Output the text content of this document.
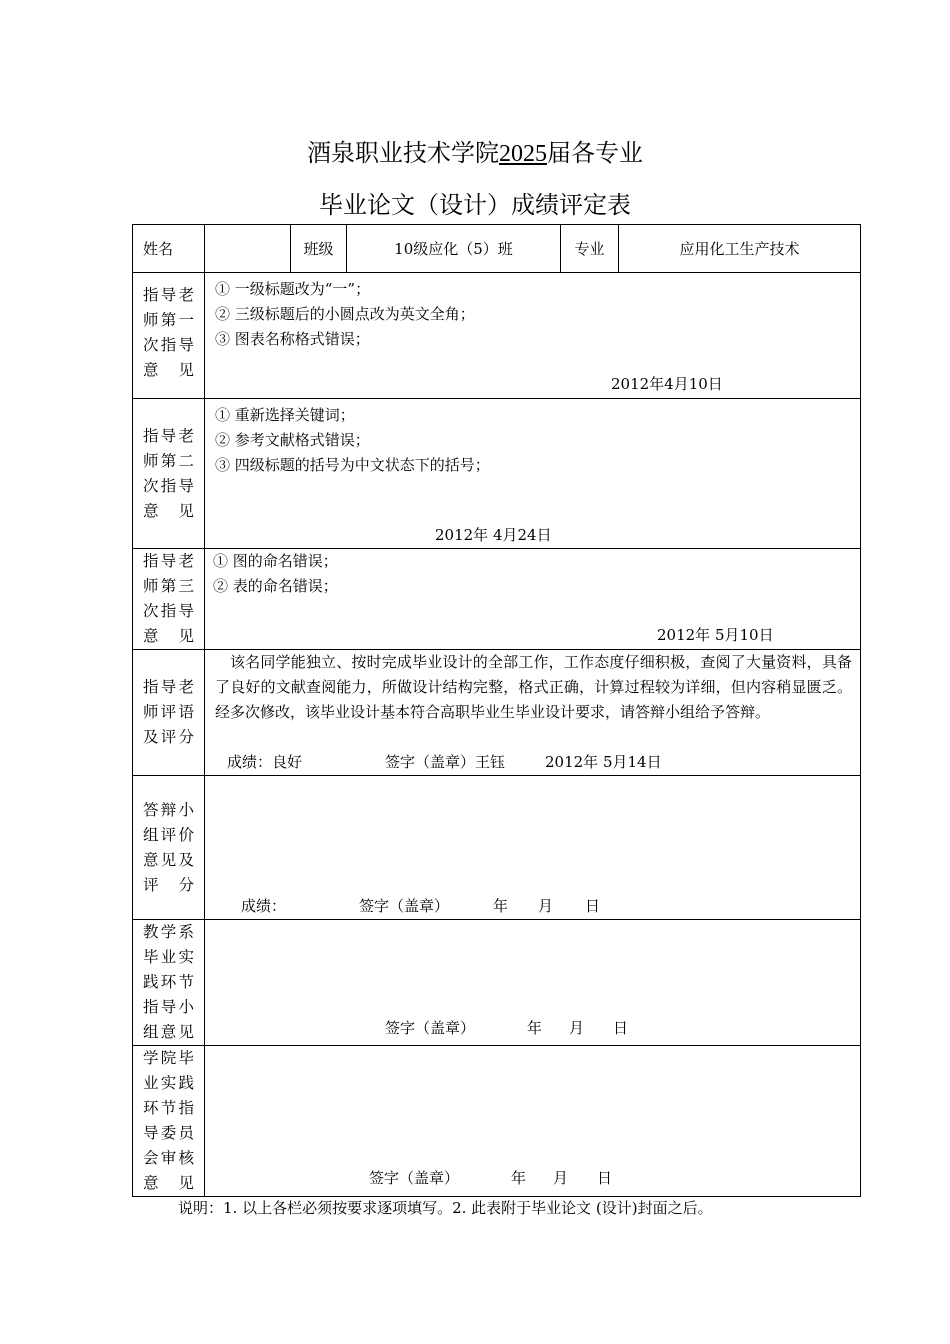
酒泉职业技术学院2025届各专业
毕业论文（设计）成绩评定表
姓名		班级	10级应化（5）班	专业	应用化工生产技术
指导老师第一次指导意见	① 一级标题改为“一”；
② 三级标题后的小圆点改为英文全角；
③ 图表名称格式错误；
2012年4月10日				

指导老师第二次指导意见	① 重新选择关键词；
② 参考文献格式错误；
③ 四级标题的括号为中文状态下的括号；
2012年 4月24日				

指导老师第三次指导意见	① 图的命名错误；
② 表的命名错误；
2012年 5月10日				

指导老师评语及评分	该名同学能独立、按时完成毕业设计的全部工作，工作态度仔细积极，查阅了大量资料，具备了良好的文献查阅能力，所做设计结构完整，格式正确，计算过程较为详细，但内容稍显匮乏。经多次修改，该毕业设计基本符合高职毕业生毕业设计要求，请答辩小组给予答辩。
成绩：良好 签字（盖章）王钰 2012年 5月14日				

答辩小组评价意见及评分	成绩： 签字（盖章） 年 月 日				

教学系毕业实践环节指导小组意见	签字（盖章） 年 月 日				

学院毕业实践环节指导委员会审核意见	签字（盖章） 年 月 日				
说明：1. 以上各栏必须按要求逐项填写。2. 此表附于毕业论文 (设计)封面之后。
